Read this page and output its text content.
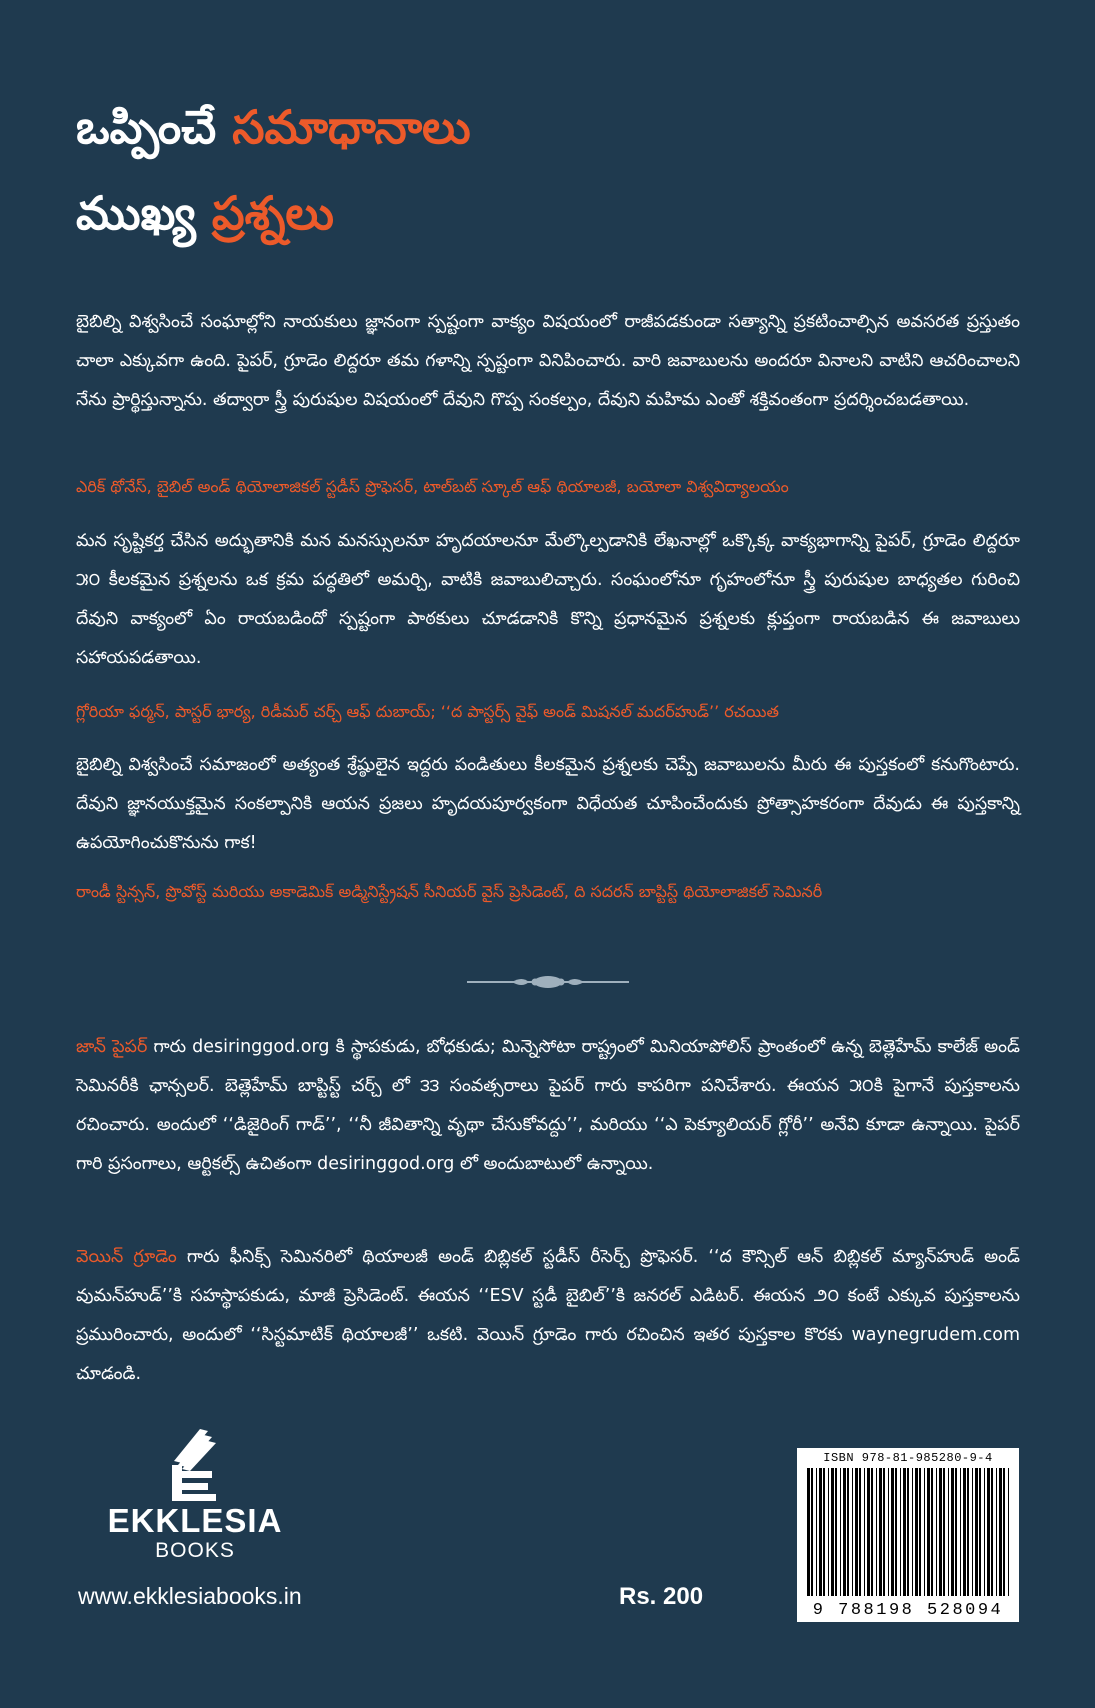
ఒప్పించే సమాధానాలు
ముఖ్య ప్రశ్నలు
బైబిల్ని విశ్వసించే సంఘాల్లోని నాయకులు జ్ఞానంగా స్పష్టంగా వాక్యం విషయంలో రాజీపడకుండా సత్యాన్ని ప్రకటించాల్సిన అవసరత ప్రస్తుతం చాలా ఎక్కువగా ఉంది. పైపర్, గ్రూడెం లిద్దరూ తమ గళాన్ని స్పష్టంగా వినిపించారు. వారి జవాబులను అందరూ వినాలని వాటిని ఆచరించాలని నేను ప్రార్థిస్తున్నాను. తద్వారా స్త్రీ పురుషుల విషయంలో దేవుని గొప్ప సంకల్పం, దేవుని మహిమ ఎంతో శక్తివంతంగా ప్రదర్శించబడతాయి.
ఎరిక్ థోనేస్, బైబిల్ అండ్ థియోలాజికల్ స్టడీస్ ప్రొఫెసర్, టాల్‌బట్ స్కూల్ ఆఫ్ థియాలజీ, బయోలా విశ్వవిద్యాలయం
మన సృష్టికర్త చేసిన అద్భుతానికి మన మనస్సులనూ హృదయాలనూ మేల్కొల్పడానికి లేఖనాల్లో ఒక్కొక్క వాక్యభాగాన్ని పైపర్, గ్రూడెం లిద్దరూ ౫౦ కీలకమైన ప్రశ్నలను ఒక క్రమ పద్ధతిలో అమర్చి, వాటికి జవాబులిచ్చారు. సంఘంలోనూ గృహంలోనూ స్త్రీ పురుషుల బాధ్యతల గురించి దేవుని వాక్యంలో ఏం రాయబడిందో స్పష్టంగా పాఠకులు చూడడానికి కొన్ని ప్రధానమైన ప్రశ్నలకు క్లుప్తంగా రాయబడిన ఈ జవాబులు సహాయపడతాయి.
గ్లోరియా ఫర్మన్, పాస్టర్ భార్య, రిడీమర్ చర్చ్ ఆఫ్ దుబాయ్; ‘‘ద పాస్టర్స్ వైఫ్ అండ్ మిషనల్ మదర్‌హుడ్’’ రచయిత
బైబిల్ని విశ్వసించే సమాజంలో అత్యంత శ్రేష్ఠులైన ఇద్దరు పండితులు కీలకమైన ప్రశ్నలకు చెప్పే జవాబులను మీరు ఈ పుస్తకంలో కనుగొంటారు. దేవుని జ్ఞానయుక్తమైన సంకల్పానికి ఆయన ప్రజలు హృదయపూర్వకంగా విధేయత చూపించేందుకు ప్రోత్సాహకరంగా దేవుడు ఈ పుస్తకాన్ని ఉపయోగించుకొనును గాక!
రాండీ స్టిన్సన్, ప్రొవోస్ట్ మరియు అకాడెమిక్ అడ్మినిస్ట్రేషన్ సీనియర్ వైస్ ప్రెసిడెంట్, ది సదరన్ బాప్టిస్ట్ థియోలాజికల్ సెమినరీ
జాన్ పైపర్ గారు desiringgod.org కి స్థాపకుడు, బోధకుడు; మిన్నెసోటా రాష్ట్రంలో మినియాపోలిస్ ప్రాంతంలో ఉన్న బెత్లెహేమ్ కాలేజ్ అండ్ సెమినరీకి ఛాన్సలర్. బెత్లెహేమ్ బాప్టిస్ట్ చర్చ్ లో ౩౩ సంవత్సరాలు పైపర్ గారు కాపరిగా పనిచేశారు. ఈయన ౫౦కి పైగానే పుస్తకాలను రచించారు. అందులో ‘‘డిజైరింగ్ గాడ్’’, ‘‘నీ జీవితాన్ని వృథా చేసుకోవద్దు’’, మరియు ‘‘ఎ పెక్యూలియర్ గ్లోరీ’’ అనేవి కూడా ఉన్నాయి. పైపర్ గారి ప్రసంగాలు, ఆర్టికల్స్ ఉచితంగా desiringgod.org లో అందుబాటులో ఉన్నాయి.
వెయిన్ గ్రూడెం గారు ఫీనిక్స్ సెమినరిలో థియాలజీ అండ్ బిబ్లికల్ స్టడీస్ రీసెర్చ్ ప్రొఫెసర్. ‘‘ద కౌన్సిల్ ఆన్ బిబ్లికల్ మ్యాన్‌హుడ్ అండ్ వుమన్‌హుడ్’’కి సహస్థాపకుడు, మాజీ ప్రెసిడెంట్. ఈయన ‘‘ESV స్టడీ బైబిల్’’కి జనరల్ ఎడిటర్. ఈయన ౨౦ కంటే ఎక్కువ పుస్తకాలను ప్రమురించారు, అందులో ‘‘సిస్టమాటిక్ థియాలజీ’’ ఒకటి. వెయిన్ గ్రూడెం గారు రచించిన ఇతర పుస్తకాల కొరకు waynegrudem.com చూడండి.
EKKLESIA
BOOKS
www.ekklesiabooks.in	Rs. 200
ISBN 978-81-985280-9-4
9 788198 528094
